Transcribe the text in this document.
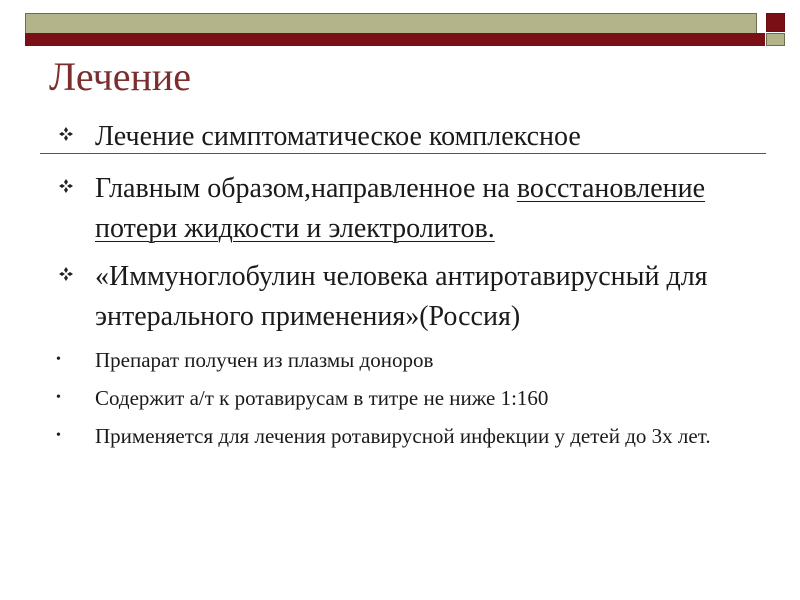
Лечение
Лечение симптоматическое комплексное
Главным образом,направленное на восстановление потери жидкости и электролитов.
«Иммуноглобулин человека антиротавирусный для энтерального применения»(Россия)
•	Препарат получен из плазмы доноров
•	Содержит а/т к ротавирусам в титре не ниже 1:160
•	Применяется для лечения ротавирусной инфекции у детей до 3х лет.
